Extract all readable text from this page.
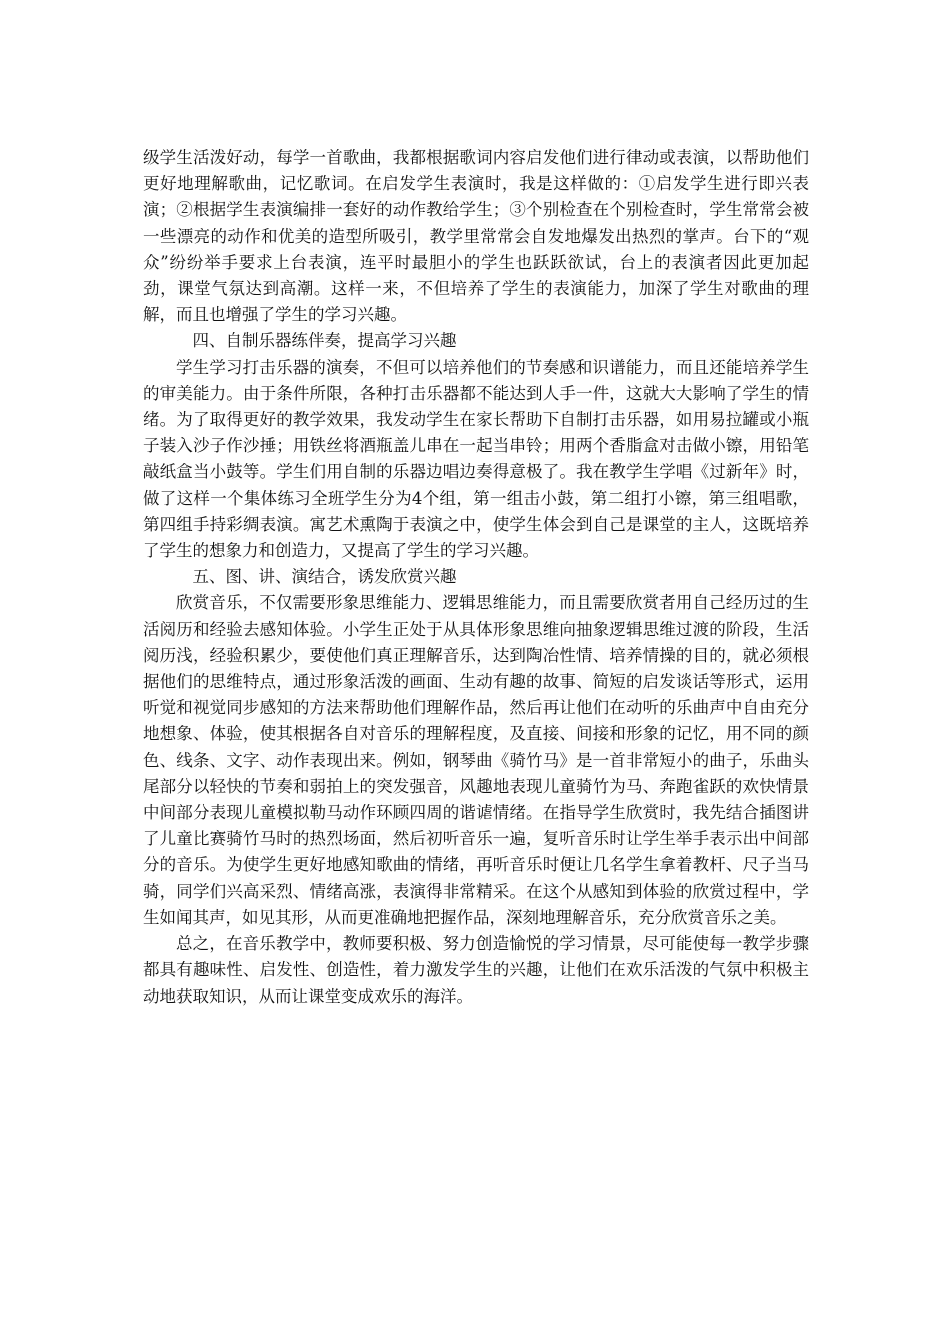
级学生活泼好动，每学一首歌曲，我都根据歌词内容启发他们进行律动或表演，以帮助他们更好地理解歌曲，记忆歌词。在启发学生表演时，我是这样做的：①启发学生进行即兴表演；②根据学生表演编排一套好的动作教给学生；③个别检查在个别检查时，学生常常会被一些漂亮的动作和优美的造型所吸引，教学里常常会自发地爆发出热烈的掌声。台下的“观众”纷纷举手要求上台表演，连平时最胆小的学生也跃跃欲试，台上的表演者因此更加起劲，课堂气氛达到高潮。这样一来，不但培养了学生的表演能力，加深了学生对歌曲的理解，而且也增强了学生的学习兴趣。

四、自制乐器练伴奏，提高学习兴趣

学生学习打击乐器的演奏，不但可以培养他们的节奏感和识谱能力，而且还能培养学生的审美能力。由于条件所限，各种打击乐器都不能达到人手一件，这就大大影响了学生的情绪。为了取得更好的教学效果，我发动学生在家长帮助下自制打击乐器，如用易拉罐或小瓶子装入沙子作沙捶；用铁丝将酒瓶盖儿串在一起当串铃；用两个香脂盒对击做小镲，用铅笔敲纸盒当小鼓等。学生们用自制的乐器边唱边奏得意极了。我在教学生学唱《过新年》时，做了这样一个集体练习全班学生分为4个组，第一组击小鼓，第二组打小镲，第三组唱歌，第四组手持彩绸表演。寓艺术熏陶于表演之中，使学生体会到自己是课堂的主人，这既培养了学生的想象力和创造力，又提高了学生的学习兴趣。

五、图、讲、演结合，诱发欣赏兴趣

欣赏音乐，不仅需要形象思维能力、逻辑思维能力，而且需要欣赏者用自己经历过的生活阅历和经验去感知体验。小学生正处于从具体形象思维向抽象逻辑思维过渡的阶段，生活阅历浅，经验积累少，要使他们真正理解音乐，达到陶冶性情、培养情操的目的，就必须根据他们的思维特点，通过形象活泼的画面、生动有趣的故事、简短的启发谈话等形式，运用听觉和视觉同步感知的方法来帮助他们理解作品，然后再让他们在动听的乐曲声中自由充分地想象、体验，使其根据各自对音乐的理解程度，及直接、间接和形象的记忆，用不同的颜色、线条、文字、动作表现出来。例如，钢琴曲《骑竹马》是一首非常短小的曲子，乐曲头尾部分以轻快的节奏和弱拍上的突发强音，风趣地表现儿童骑竹为马、奔跑雀跃的欢快情景中间部分表现儿童模拟勒马动作环顾四周的谐谑情绪。在指导学生欣赏时，我先结合插图讲了儿童比赛骑竹马时的热烈场面，然后初听音乐一遍，复听音乐时让学生举手表示出中间部分的音乐。为使学生更好地感知歌曲的情绪，再听音乐时便让几名学生拿着教杆、尺子当马骑，同学们兴高采烈、情绪高涨，表演得非常精采。在这个从感知到体验的欣赏过程中，学生如闻其声，如见其形，从而更准确地把握作品，深刻地理解音乐，充分欣赏音乐之美。

总之，在音乐教学中，教师要积极、努力创造愉悦的学习情景，尽可能使每一教学步骤都具有趣味性、启发性、创造性，着力激发学生的兴趣，让他们在欢乐活泼的气氛中积极主动地获取知识，从而让课堂变成欢乐的海洋。
